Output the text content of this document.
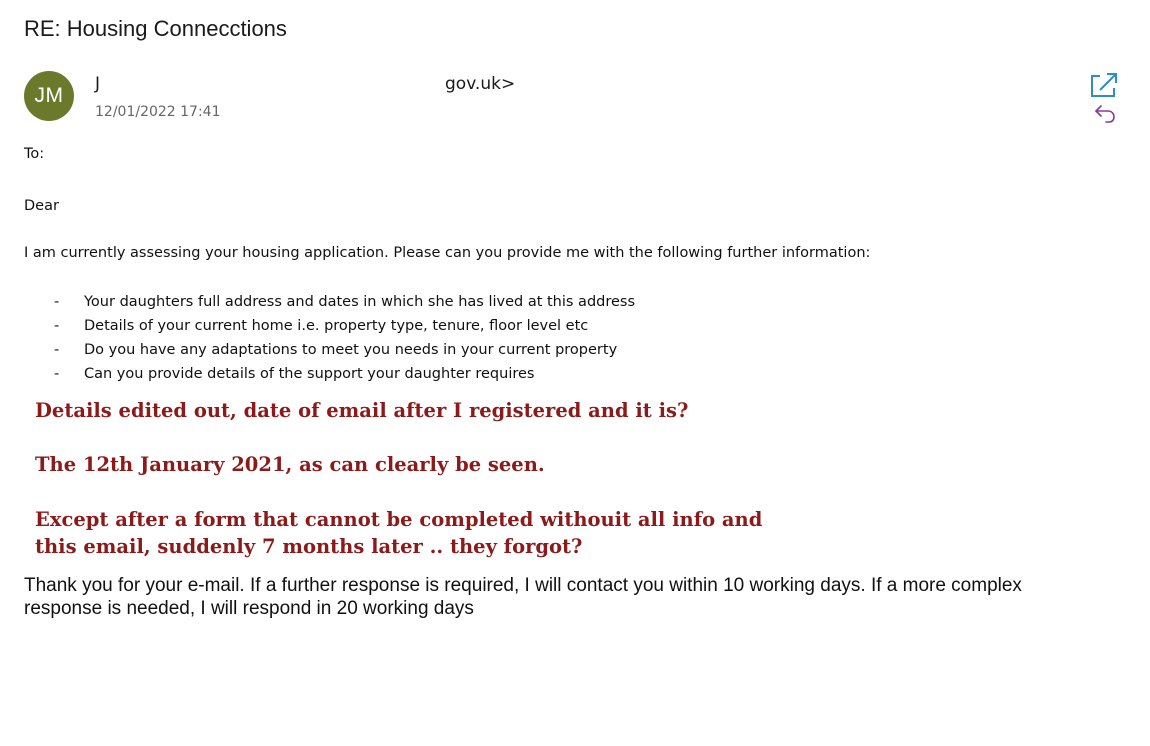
RE: Housing Connecctions
JM J	gov.uk>
12/01/2022 17:41
To:
Dear
I am currently assessing your housing application. Please can you provide me with the following further information:
- Your daughters full address and dates in which she has lived at this address
- Details of your current home i.e. property type, tenure, floor level etc
- Do you have any adaptations to meet you needs in your current property
- Can you provide details of the support your daughter requires
Details edited out, date of email after I registered and it is?
The 12th January 2021, as can clearly be seen.
Except after a form that cannot be completed withouit all info and
this email, suddenly 7 months later .. they forgot?
Thank you for your e-mail. If a further response is required, I will contact you within 10 working days. If a more complex
response is needed, I will respond in 20 working days
